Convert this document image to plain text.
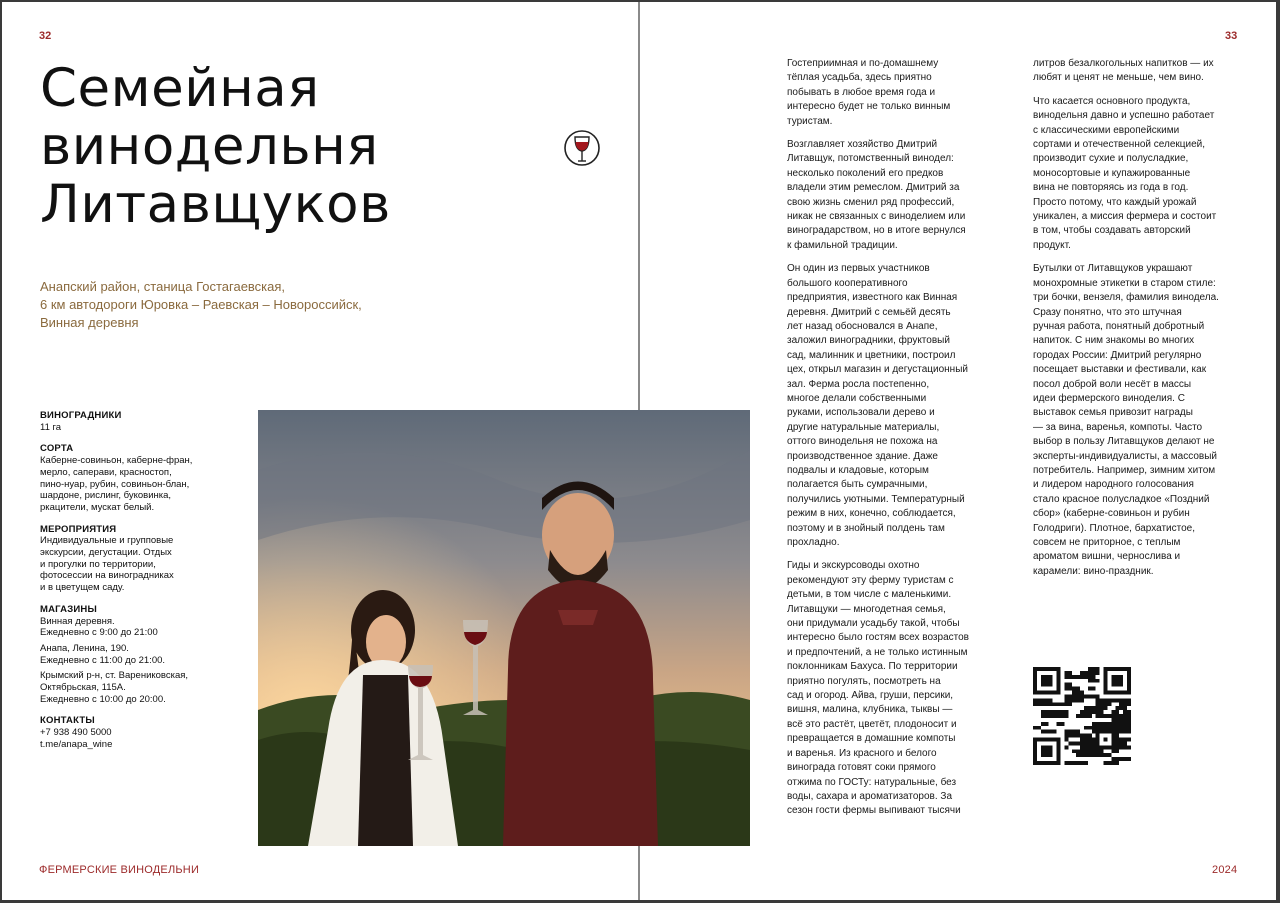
32
Семейная
винодельня
Литавщуков
Анапский район, станица Гостагаевская,
6 км автодороги Юровка – Раевская – Новороссийск,
Винная деревня
ВИНОГРАДНИКИ
11 га
СОРТА
Каберне-совиньон, каберне-фран,
мерло, саперави, красностоп,
пино-нуар, рубин, совиньон-блан,
шардоне, рислинг, буковинка,
ркацители, мускат белый.
МЕРОПРИЯТИЯ
Индивидуальные и групповые
экскурсии, дегустации. Отдых
и прогулки по территории,
фотосессии на виноградниках
и в цветущем саду.
МАГАЗИНЫ
Винная деревня.
Ежедневно с 9:00 до 21:00
Анапа, Ленина, 190.
Ежедневно с 11:00 до 21:00.
Крымский р-н, ст. Варениковская,
Октябрьская, 115А.
Ежедневно с 10:00 до 20:00.
КОНТАКТЫ
+7 938 490 5000
t.me/anapa_wine
ФЕРМЕРСКИЕ ВИНОДЕЛЬНИ
33

Гостеприимная и по-домашнему
тёплая усадьба, здесь приятно
побывать в любое время года и
интересно будет не только винным
туристам.

Возглавляет хозяйство Дмитрий
Литавщук, потомственный винодел:
несколько поколений его предков
владели этим ремеслом. Дмитрий за
свою жизнь сменил ряд профессий,
никак не связанных с виноделием или
виноградарством, но в итоге вернулся
к фамильной традиции.

Он один из первых участников
большого кооперативного
предприятия, известного как Винная
деревня. Дмитрий с семьёй десять
лет назад обосновался в Анапе,
заложил виноградники, фруктовый
сад, малинник и цветники, построил
цех, открыл магазин и дегустационный
зал. Ферма росла постепенно,
многое делали собственными
руками, использовали дерево и
другие натуральные материалы,
оттого винодельня не похожа на
производственное здание. Даже
подвалы и кладовые, которым
полагается быть сумрачными,
получились уютными. Температурный
режим в них, конечно, соблюдается,
поэтому и в знойный полдень там
прохладно.

Гиды и экскурсоводы охотно
рекомендуют эту ферму туристам с
детьми, в том числе с маленькими.
Литавщуки — многодетная семья,
они придумали усадьбу такой, чтобы
интересно было гостям всех возрастов
и предпочтений, а не только истинным
поклонникам Бахуса. По территории
приятно погулять, посмотреть на
сад и огород. Айва, груши, персики,
вишня, малина, клубника, тыквы —
всё это растёт, цветёт, плодоносит и
превращается в домашние компоты
и варенья. Из красного и белого
винограда готовят соки прямого
отжима по ГОСТу: натуральные, без
воды, сахара и ароматизаторов. За
сезон гости фермы выпивают тысячи

литров безалкогольных напитков — их
любят и ценят не меньше, чем вино.

Что касается основного продукта,
винодельня давно и успешно работает
с классическими европейскими
сортами и отечественной селекцией,
производит сухие и полусладкие,
моносортовые и купажированные
вина не повторяясь из года в год.
Просто потому, что каждый урожай
уникален, а миссия фермера и состоит
в том, чтобы создавать авторский
продукт.

Бутылки от Литавщуков украшают
монохромные этикетки в старом стиле:
три бочки, вензеля, фамилия винодела.
Сразу понятно, что это штучная
ручная работа, понятный добротный
напиток. С ним знакомы во многих
городах России: Дмитрий регулярно
посещает выставки и фестивали, как
посол доброй воли несёт в массы
идеи фермерского виноделия. С
выставок семья привозит награды
— за вина, варенья, компоты. Часто
выбор в пользу Литавщуков делают не
эксперты-индивидуалисты, а массовый
потребитель. Например, зимним хитом
и лидером народного голосования
стало красное полусладкое «Поздний
сбор» (каберне-совиньон и рубин
Голодриги). Плотное, бархатистое,
совсем не приторное, с теплым
ароматом вишни, чернослива и
карамели: вино-праздник.

2024
